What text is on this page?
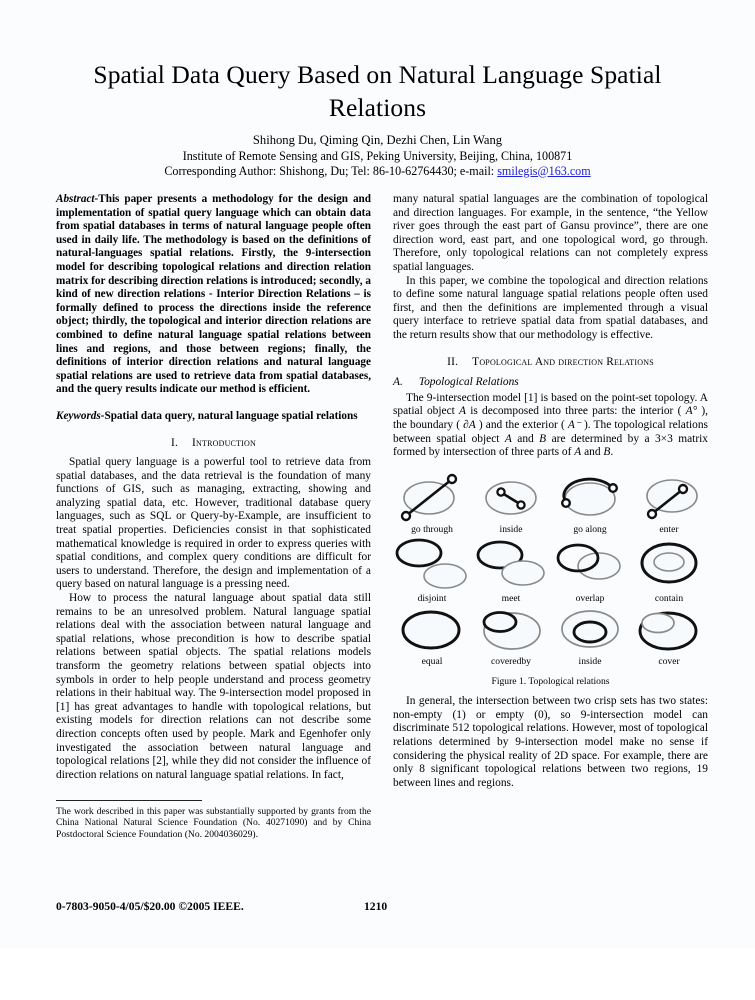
Spatial Data Query Based on Natural Language Spatial Relations
Shihong Du, Qiming Qin, Dezhi Chen, Lin Wang
Institute of Remote Sensing and GIS, Peking University, Beijing, China, 100871
Corresponding Author: Shishong, Du; Tel: 86-10-62764430; e-mail: smilegis@163.com

Abstract-This paper presents a methodology for the design and implementation of spatial query language which can obtain data from spatial databases in terms of natural language people often used in daily life. The methodology is based on the definitions of natural-languages spatial relations. Firstly, the 9-intersection model for describing topological relations and direction relation matrix for describing direction relations is introduced; secondly, a kind of new direction relations - Interior Direction Relations – is formally defined to process the directions inside the reference object; thirdly, the topological and interior direction relations are combined to define natural language spatial relations between lines and regions, and those between regions; finally, the definitions of interior direction relations and natural language spatial relations are used to retrieve data from spatial databases, and the query results indicate our method is efficient.

Keywords-Spatial data query, natural language spatial relations

I. Introduction

Spatial query language is a powerful tool to retrieve data from spatial databases, and the data retrieval is the foundation of many functions of GIS, such as managing, extracting, showing and analyzing spatial data, etc. However, traditional database query languages, such as SQL or Query-by-Example, are insufficient to treat spatial properties. Deficiencies consist in that sophisticated mathematical knowledge is required in order to express queries with spatial conditions, and complex query conditions are difficult for users to understand. Therefore, the design and implementation of a query based on natural language is a pressing need.

How to process the natural language about spatial data still remains to be an unresolved problem. Natural language spatial relations deal with the association between natural language and spatial relations, whose precondition is how to describe spatial relations between spatial objects. The spatial relations models transform the geometry relations between spatial objects into symbols in order to help people understand and process geometry relations in their habitual way. The 9-intersection model proposed in [1] has great advantages to handle with topological relations, but existing models for direction relations can not describe some direction concepts often used by people. Mark and Egenhofer only investigated the association between natural language and topological relations [2], while they did not consider the influence of direction relations on natural language spatial relations. In fact,

many natural spatial languages are the combination of topological and direction languages. For example, in the sentence, “the Yellow river goes through the east part of Gansu province”, there are one direction word, east part, and one topological word, go through. Therefore, only topological relations can not completely express spatial languages.

In this paper, we combine the topological and direction relations to define some natural language spatial relations people often used first, and then the definitions are implemented through a visual query interface to retrieve spatial data from spatial databases, and the return results show that our methodology is effective.

II. Topological And direction Relations
A. Topological Relations

The 9-intersection model [1] is based on the point-set topology. A spatial object A is decomposed into three parts: the interior ( A° ), the boundary ( ∂A ) and the exterior ( A⁻ ). The topological relations between spatial object A and B are determined by a 3×3 matrix formed by intersection of three parts of A and B.

go through	inside	go along	enter
disjoint	meet	overlap	contain
equal	coveredby	inside	cover
Figure 1. Topological relations

In general, the intersection between two crisp sets has two states: non-empty (1) or empty (0), so 9-intersection model can discriminate 512 topological relations. However, most of topological relations determined by 9-intersection model make no sense if considering the physical reality of 2D space. For example, there are only 8 significant topological relations between two regions, 19 between lines and regions.

The work described in this paper was substantially supported by grants from the China National Natural Science Foundation (No. 40271090) and by China Postdoctoral Science Foundation (No. 2004036029).
0-7803-9050-4/05/$20.00 ©2005 IEEE.	1210
